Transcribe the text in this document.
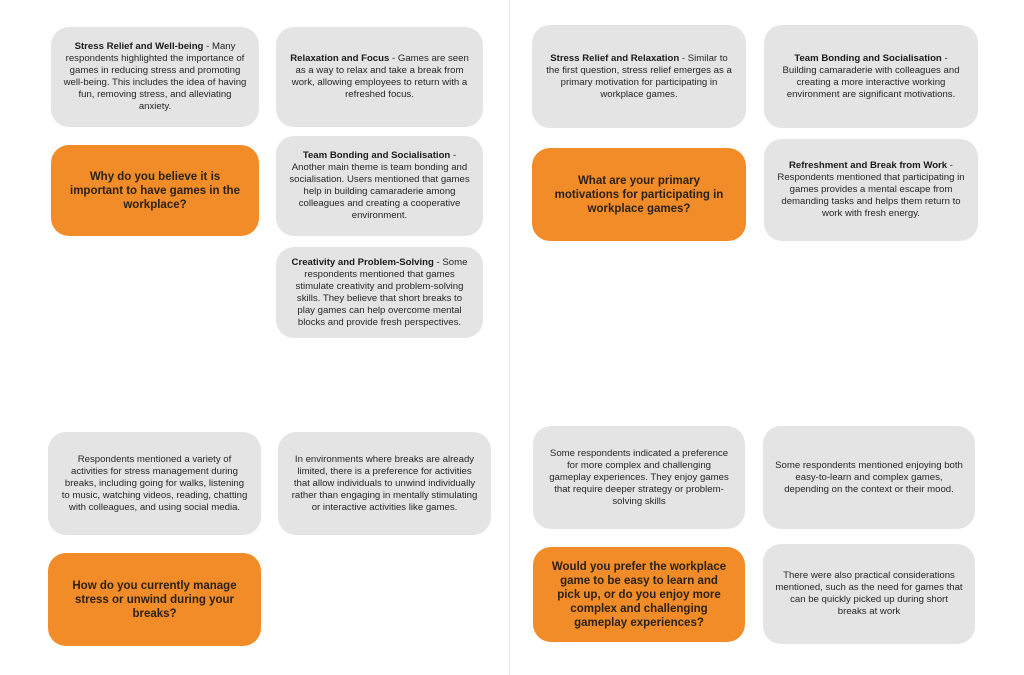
Stress Relief and Well-being - Many respondents highlighted the importance of games in reducing stress and promoting well-being. This includes the idea of having fun, removing stress, and alleviating anxiety.
Relaxation and Focus - Games are seen as a way to relax and take a break from work, allowing employees to return with a refreshed focus.
Why do you believe it is important to have games in the workplace?
Team Bonding and Socialisation - Another main theme is team bonding and socialisation. Users mentioned that games help in building camaraderie among colleagues and creating a cooperative environment.
Creativity and Problem-Solving - Some respondents mentioned that games stimulate creativity and problem-solving skills. They believe that short breaks to play games can help overcome mental blocks and provide fresh perspectives.
Stress Relief and Relaxation - Similar to the first question, stress relief emerges as a primary motivation for participating in workplace games.
Team Bonding and Socialisation - Building camaraderie with colleagues and creating a more interactive working environment are significant motivations.
What are your primary motivations for participating in workplace games?
Refreshment and Break from Work - Respondents mentioned that participating in games provides a mental escape from demanding tasks and helps them return to work with fresh energy.
Respondents mentioned a variety of activities for stress management during breaks, including going for walks, listening to music, watching videos, reading, chatting with colleagues, and using social media.
In environments where breaks are already limited, there is a preference for activities that allow individuals to unwind individually rather than engaging in mentally stimulating or interactive activities like games.
How do you currently manage stress or unwind during your breaks?
Some respondents indicated a preference for more complex and challenging gameplay experiences. They enjoy games that require deeper strategy or problem-solving skills
Some respondents mentioned enjoying both easy-to-learn and complex games, depending on the context or their mood.
Would you prefer the workplace game to be easy to learn and pick up, or do you enjoy more complex and challenging gameplay experiences?
There were also practical considerations mentioned, such as the need for games that can be quickly picked up during short breaks at work
